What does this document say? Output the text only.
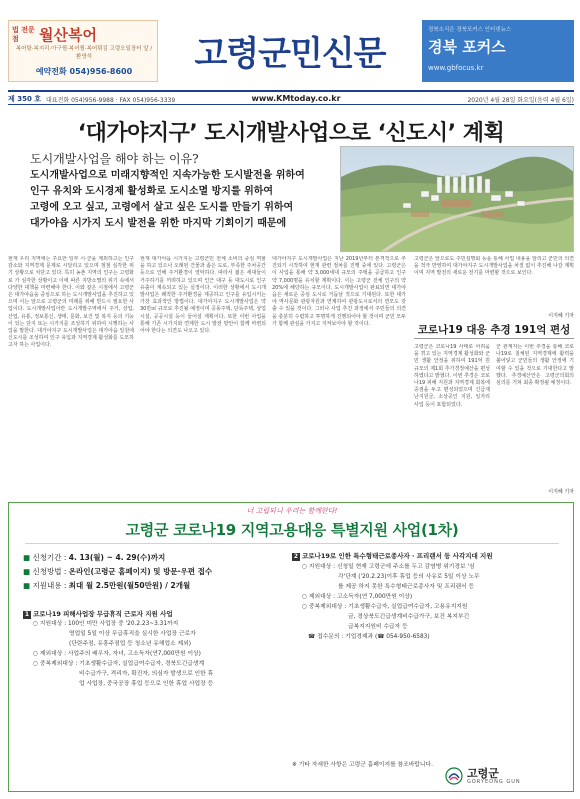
법 전문점	월산복어
복어탕·복지리·아구찜·복어찜·복어튀김 고령오일장터 앞 / 환영석
예약전화 054)956-8600	고령군민신문
경북소식은 경북포커스 인터넷뉴스
경북 포커스
www.gbfocus.kr
제 350 호 대표전화 054)956-9988 · FAX 054)956-3339	www.KMtoday.co.kr	2020년 4월 28일 화요일(음력 4월 6일)
‘대가야지구’ 도시개발사업으로 ‘신도시’ 계획
도시개발사업을 해야 하는 이유?
도시개발사업으로 미래지향적인 지속가능한 도시발전을 위하여
인구 유치와 도시경제 활성화로 도시소멸 방지를 위하여
고령에 오고 싶고, 고령에서 살고 싶은 도시를 만들기 위하여
대가야읍 시가지 도시 발전을 위한 마지막 기회이기 때문에
현재 우리 지역에는 주요한 일부 시·군을 제외하고는 인구감소와 지역경제 문제로 시달리고 있으며 점점 심각한 위기 상황으로 치닫고 있다. 특히 농촌 지역의 인구는 고령화로 가 심각한 상황이고 이에 따른 지방소멸의 위기 속에서 다양한 대책을 마련해야 한다. 이와 같은 시점에서 고령군은 대가야읍을 중심으로 하는 도시개발사업을 추진하고 있으며 이는 앞으로 고령군의 미래를 위해 반드시 필요한 사업이다. 도시개발사업이란 도시개발구역에서 주거, 상업, 산업, 유통, 정보통신, 생태, 문화, 보건 및 복지 등의 기능이 있는 단지 또는 시가지를 조성하기 위하여 시행하는 사업을 말한다. 대가야지구 도시개발사업은 대가야읍 일원에 신도시를 조성하여 인구 유입과 지역경제 활성화를 도모하고자 하는 사업이다.
현재 대가야읍 시가지는 고령군민 전체 소비의 중심 역할을 하고 있으나 오래된 건물과 좁은 도로, 부족한 주차공간 등으로 인해 주거환경이 열악하다. 따라서 젊은 세대들이 거주하기를 꺼려하고 있으며 인근 대구 등 대도시로 인구 유출이 계속되고 있는 실정이다. 이러한 상황에서 도시개발사업은 쾌적한 주거환경을 제공하고 인구를 유입시키는 가장 효과적인 방법이다. 대가야지구 도시개발사업은 약 30만㎡ 규모로 추진될 예정이며 공동주택, 단독주택, 상업시설, 공공시설 등이 들어설 계획이다. 또한 이번 사업을 통해 기존 시가지와 연계한 도시 발전 방안이 함께 마련되어야 한다는 의견도 나오고 있다.
대가야지구 도시개발사업은 지난 2019년부터 본격적으로 추진되기 시작하여 현재 관련 절차를 진행 중에 있다. 고령군은 이 사업을 통해 약 3,000세대 규모의 주택을 공급하고 인구 약 7,000명을 유치할 계획이다. 이는 고령군 전체 인구의 약 20%에 해당하는 규모이다. 도시개발사업이 완료되면 대가야읍은 새로운 중심 도시로 거듭날 것으로 기대된다. 또한 대가야 역사문화 관광자원과 연계하여 관광도시로서의 면모도 갖출 수 있을 것이다. 그러나 사업 추진 과정에서 주민들의 의견을 충분히 수렴하고 투명하게 진행되어야 할 것이며 군민 모두가 함께 관심을 가지고 지켜보아야 할 것이다.
고령군은 앞으로도 주민설명회 등을 통해 사업 내용을 알리고 군민의 의견을 적극 반영하여 대가야지구 도시개발사업을 차질 없이 추진해 나갈 계획이며 지역 발전의 새로운 전기를 마련할 것으로 보인다.
이지혜 기자
코로나19 대응 추경 191억 편성
고령군은 코로나19 사태로 어려움을 겪고 있는 지역경제 활성화와 군민 생활 안정을 위하여 191억 원 규모의 제1회 추가경정예산을 편성하였다고 밝혔다. 이번 추경은 코로나19 피해 지원과 지역경제 회복에 중점을 두고 편성되었으며 긴급재난지원금, 소상공인 지원, 일자리 사업 등이 포함되었다.
군 관계자는 이번 추경을 통해 코로나19로 침체된 지역경제에 활력을 불어넣고 군민들의 생활 안정에 기여할 수 있을 것으로 기대한다고 말했다. 추경예산안은 고령군의회의 심의를 거쳐 최종 확정될 예정이다.
이지혜 기자
너 고립되니 우리는 함께한다!
고령군 코로나19 지역고용대응 특별지원 사업(1차)
■ 신청기간 : 4. 13(월) ~ 4. 29(수)까지
■ 신청방법 : 온라인(고령군 홈페이지) 및 방문·우편 접수
■ 지원내용 : 최대 월 2.5만원(월50만원) / 2개월
1 코로나19 피해사업장 무급휴직 근로자 지원 사업
○ 지원대상 : 100인 미만 사업장 중 '20.2.23~3.31까지
영업일 5일 이상 무급휴직을 실시한 사업장 근로자
(단란주점, 유흥주점업 등 청소년 유해업소 제외)
○ 제외대상 : 사업주의 배우자, 자녀, 고소득자(연7,000만원 이상)
○ 중복제외대상 : 기초생활수급자, 실업급여수급자, 경북도긴급생계
비수급가구, 격리자, 확진자, 의심자 발생으로 인한 휴
업 사업장, 중국공장 휴업 등으로 인한 휴업 사업장 등
2 코로나19로 인한 특수형태근로종사자 · 프리랜서 등 사각지대 지원
○ 지원대상 : 신청일 현재 고령군에 주소를 두고 감염병 위기경보 '심
각'단계 ('20.2.23)이후 휴업 등의 사유로 5일 이상 노무
를 제공 하지 못한 특수형태근로종사자 및 프리랜서 등
○ 제외대상 : 고소득자(연 7,000만원 이상)
○ 중복제외대상 : 기초생활수급자, 실업급여수급자, 고용유지지원
금, 경상북도긴급생계비수급가구, 보건 복지부긴
급복지지원비 수급자 등
☎ 접수문의 : 기업경제과 (☎ 054-950-6583)
※ 기타 자세한 사항은 고령군 홈페이지를 참조바랍니다.
고령군
GORYEONG GUN
